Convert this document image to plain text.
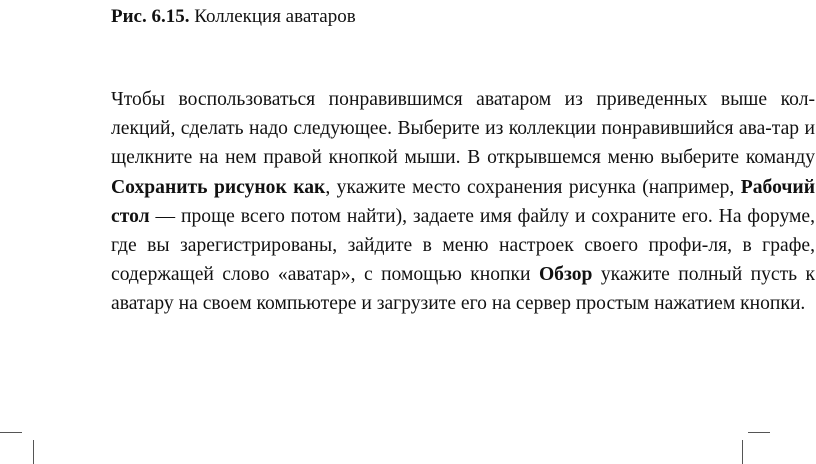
Рис. 6.15. Коллекция аватаров

Чтобы воспользоваться понравившимся аватаром из приведенных выше кол-лекций, сделать надо следующее. Выберите из коллекции понравившийся ава-тар и щелкните на нем правой кнопкой мыши. В открывшемся меню выберите команду Сохранить рисунок как, укажите место сохранения рисунка (например, Рабочий стол — проще всего потом найти), задаете имя файлу и сохраните его. На форуме, где вы зарегистрированы, зайдите в меню настроек своего профи-ля, в графе, содержащей слово «аватар», с помощью кнопки Обзор укажите полный пусть к аватару на своем компьютере и загрузите его на сервер простым нажатием кнопки.
